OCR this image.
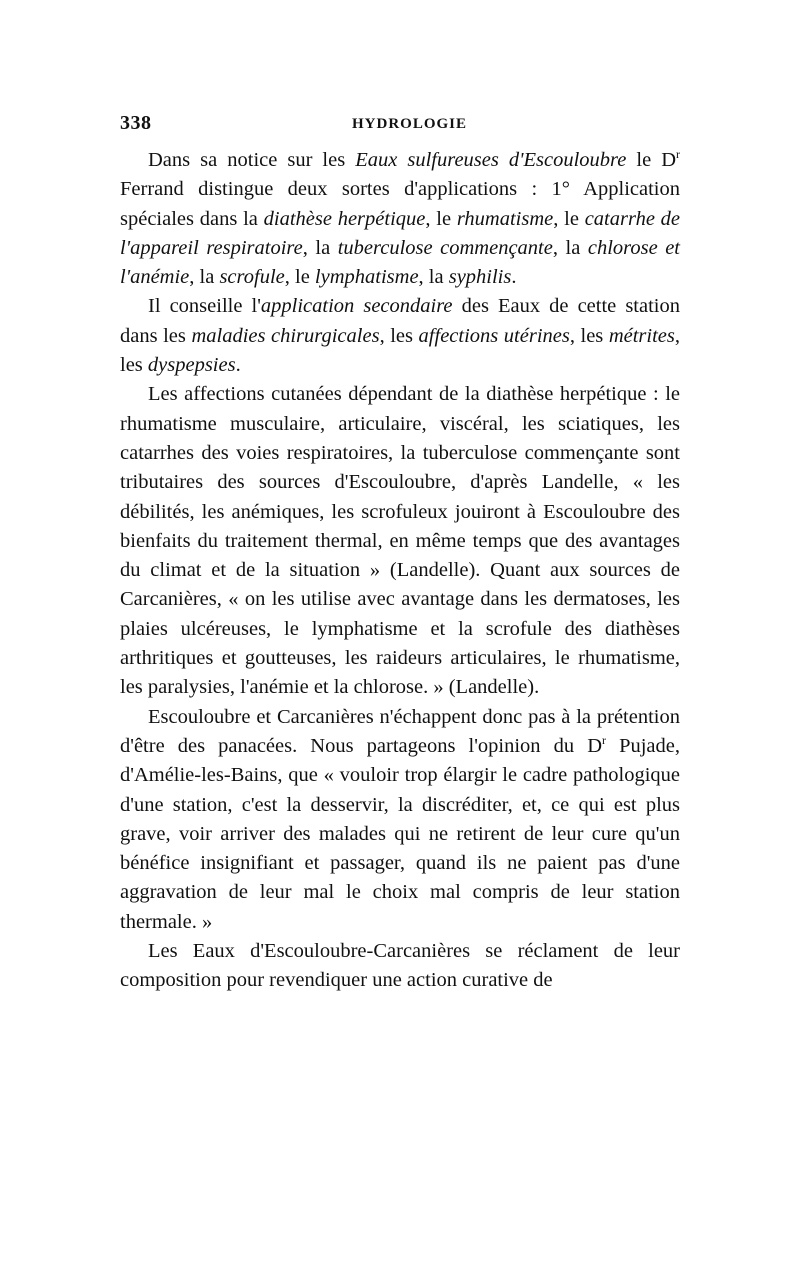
338	HYDROLOGIE

Dans sa notice sur les Eaux sulfureuses d'Escouloubre le $D^r$ Ferrand distingue deux sortes d'applications : 1° Application spéciales dans la diathèse herpétique, le rhumatisme, le catarrhe de l'appareil respiratoire, la tuberculose commençante, la chlorose et l'anémie, la scrofule, le lymphatisme, la syphilis.

Il conseille l'application secondaire des Eaux de cette station dans les maladies chirurgicales, les affections utérines, les métrites, les dyspepsies.

Les affections cutanées dépendant de la diathèse herpétique : le rhumatisme musculaire, articulaire, viscéral, les sciatiques, les catarrhes des voies respiratoires, la tuberculose commençante sont tributaires des sources d'Escouloubre, d'après Landelle, « les débilités, les anémiques, les scrofuleux jouiront à Escouloubre des bienfaits du traitement thermal, en même temps que des avantages du climat et de la situation » (Landelle). Quant aux sources de Carcanières, « on les utilise avec avantage dans les dermatoses, les plaies ulcéreuses, le lymphatisme et la scrofule des diathèses arthritiques et goutteuses, les raideurs articulaires, le rhumatisme, les paralysies, l'anémie et la chlorose. » (Landelle).

Escouloubre et Carcanières n'échappent donc pas à la prétention d'être des panacées. Nous partageons l'opinion du $D^r$ Pujade, d'Amélie-les-Bains, que « vouloir trop élargir le cadre pathologique d'une station, c'est la desservir, la discréditer, et, ce qui est plus grave, voir arriver des malades qui ne retirent de leur cure qu'un bénéfice insignifiant et passager, quand ils ne paient pas d'une aggravation de leur mal le choix mal compris de leur station thermale. »

Les Eaux d'Escouloubre-Carcanières se réclament de leur composition pour revendiquer une action curative de
